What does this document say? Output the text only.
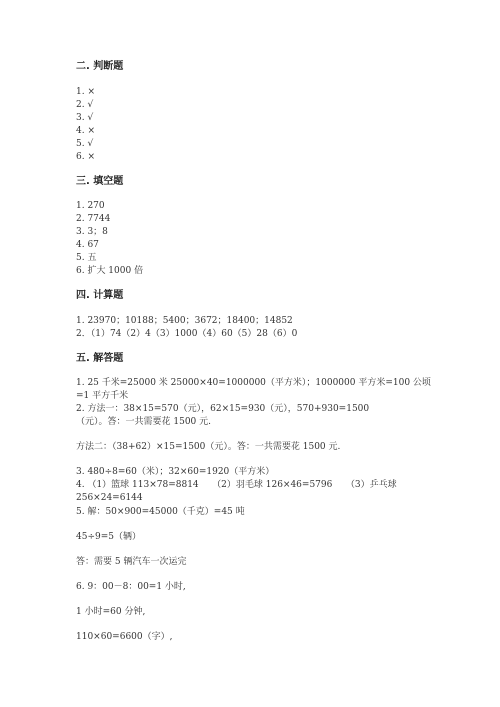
二. 判断题
1. ×
2. √
3. √
4. ×
5. √
6. ×
三. 填空题
1. 270
2. 7744
3. 3；8
4. 67
5. 五
6. 扩大 1000 倍
四. 计算题
1. 23970；10188；5400；3672；18400；14852
2．（1）74（2）4（3）1000（4）60（5）28（6）0
五. 解答题
1. 25 千米=25000 米 25000×40=1000000（平方米）；1000000 平方米=100 公顷
=1 平方千米
2. 方法一：38×15=570（元），62×15=930（元），570+930=1500
（元）。答：一共需要花 1500 元.
方法二：（38+62）×15=1500（元）。答：一共需要花 1500 元.
3. 480÷8=60（米）；32×60=1920（平方米）
4. （1）篮球 113×78=8814　　（2）羽毛球 126×46=5796　　（3）乒乓球
256×24=6144
5. 解：50×900=45000（千克）=45 吨
45÷9=5（辆）
答：需要 5 辆汽车一次运完
6. 9：00－8：00=1 小时,
1 小时=60 分钟,
110×60=6600（字）,
